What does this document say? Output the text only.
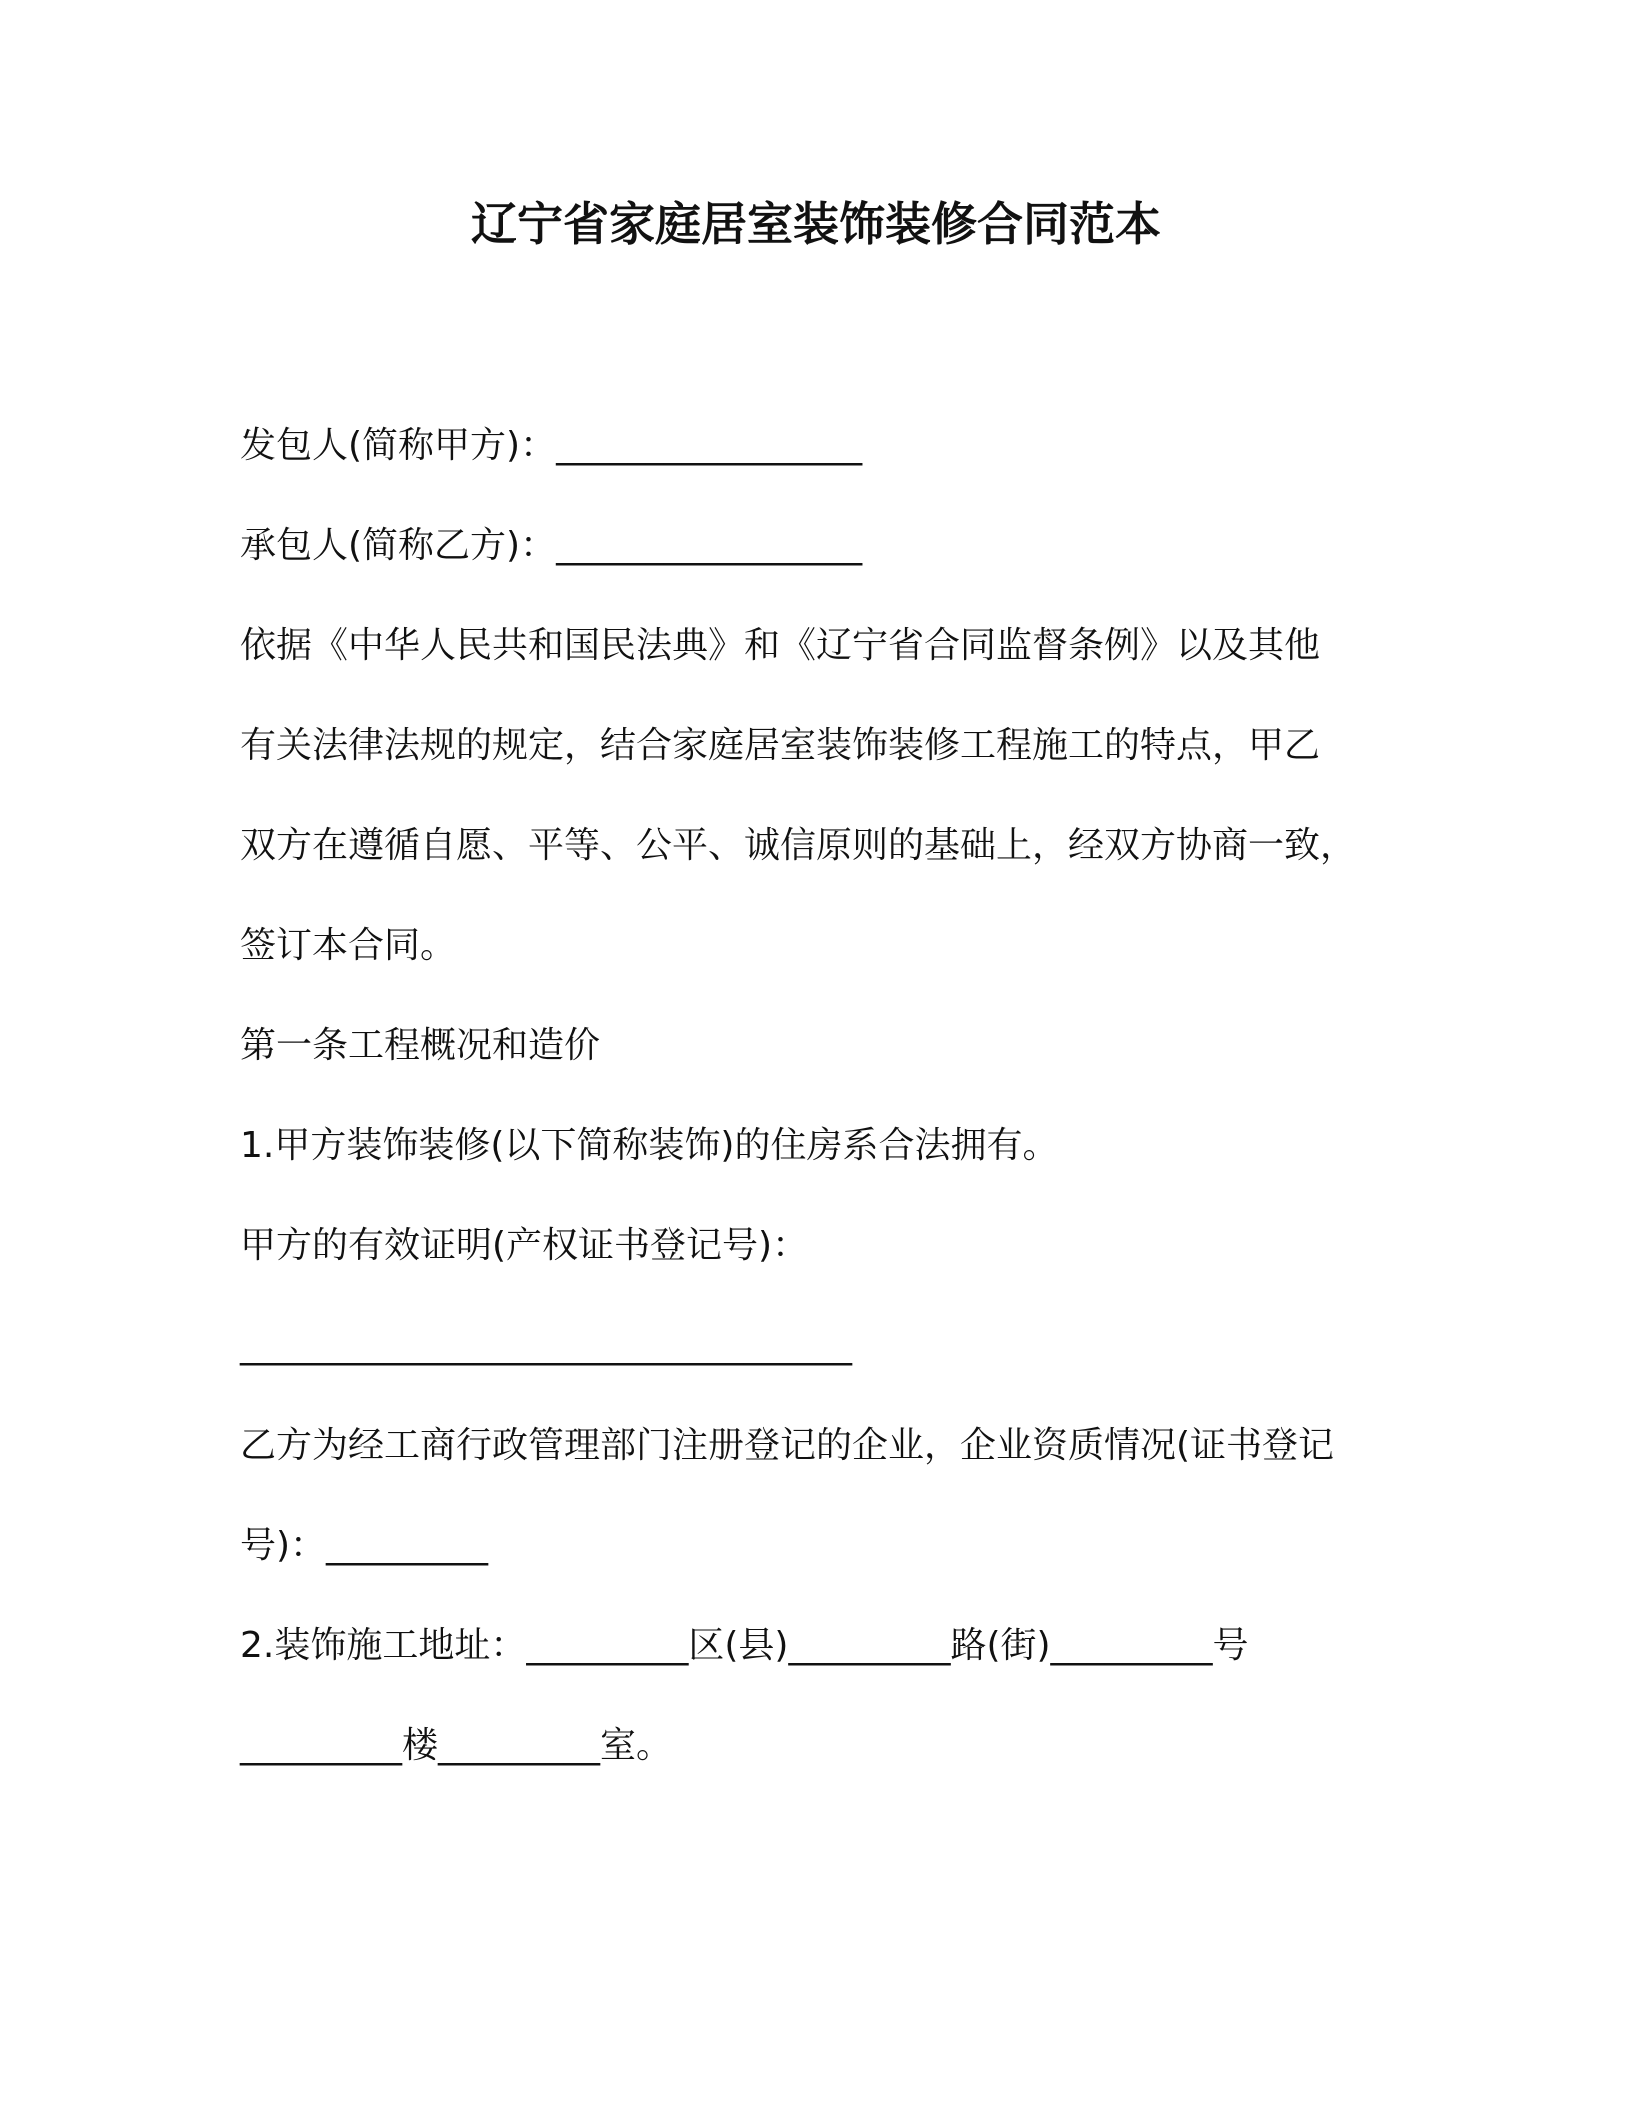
辽宁省家庭居室装饰装修合同范本
发包人(简称甲方)：_________________
承包人(简称乙方)：_________________
依据《中华人民共和国民法典》和《辽宁省合同监督条例》以及其他
有关法律法规的规定，结合家庭居室装饰装修工程施工的特点，甲乙
双方在遵循自愿、平等、公平、诚信原则的基础上，经双方协商一致，
签订本合同。
第一条工程概况和造价
1.甲方装饰装修(以下简称装饰)的住房系合法拥有。
甲方的有效证明(产权证书登记号)：
__________________________________
乙方为经工商行政管理部门注册登记的企业，企业资质情况(证书登记
号)：_________
2.装饰施工地址：_________区(县)_________路(街)_________号
_________楼_________室。
